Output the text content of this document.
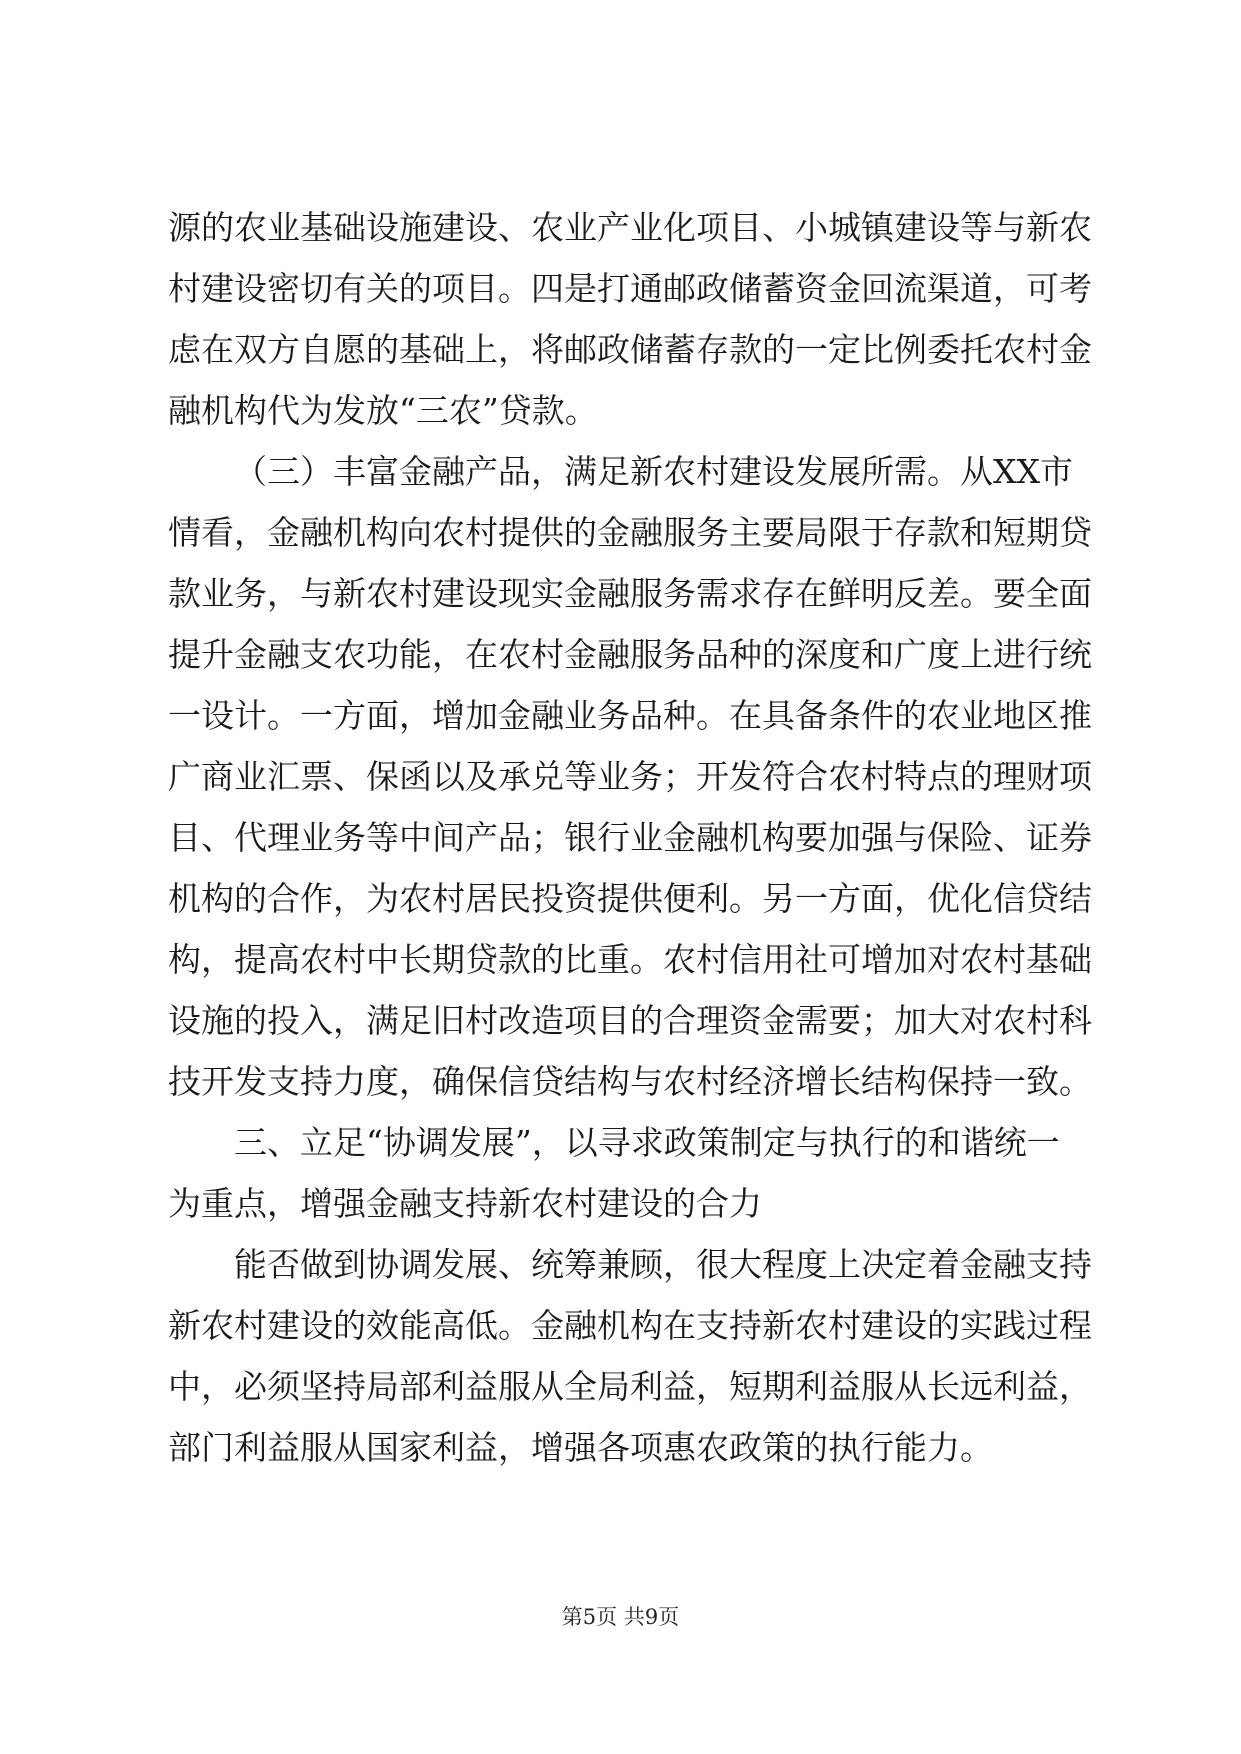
源的农业基础设施建设、农业产业化项目、小城镇建设等与新农
村建设密切有关的项目。四是打通邮政储蓄资金回流渠道，可考
虑在双方自愿的基础上，将邮政储蓄存款的一定比例委托农村金
融机构代为发放“三农”贷款。
（三）丰富金融产品，满足新农村建设发展所需。从XX市
情看，金融机构向农村提供的金融服务主要局限于存款和短期贷
款业务，与新农村建设现实金融服务需求存在鲜明反差。要全面
提升金融支农功能，在农村金融服务品种的深度和广度上进行统
一设计。一方面，增加金融业务品种。在具备条件的农业地区推
广商业汇票、保函以及承兑等业务；开发符合农村特点的理财项
目、代理业务等中间产品；银行业金融机构要加强与保险、证券
机构的合作，为农村居民投资提供便利。另一方面，优化信贷结
构，提高农村中长期贷款的比重。农村信用社可增加对农村基础
设施的投入，满足旧村改造项目的合理资金需要；加大对农村科
技开发支持力度，确保信贷结构与农村经济增长结构保持一致。
三、立足“协调发展”，以寻求政策制定与执行的和谐统一
为重点，增强金融支持新农村建设的合力
能否做到协调发展、统筹兼顾，很大程度上决定着金融支持
新农村建设的效能高低。金融机构在支持新农村建设的实践过程
中，必须坚持局部利益服从全局利益，短期利益服从长远利益，
部门利益服从国家利益，增强各项惠农政策的执行能力。
第5页 共9页
